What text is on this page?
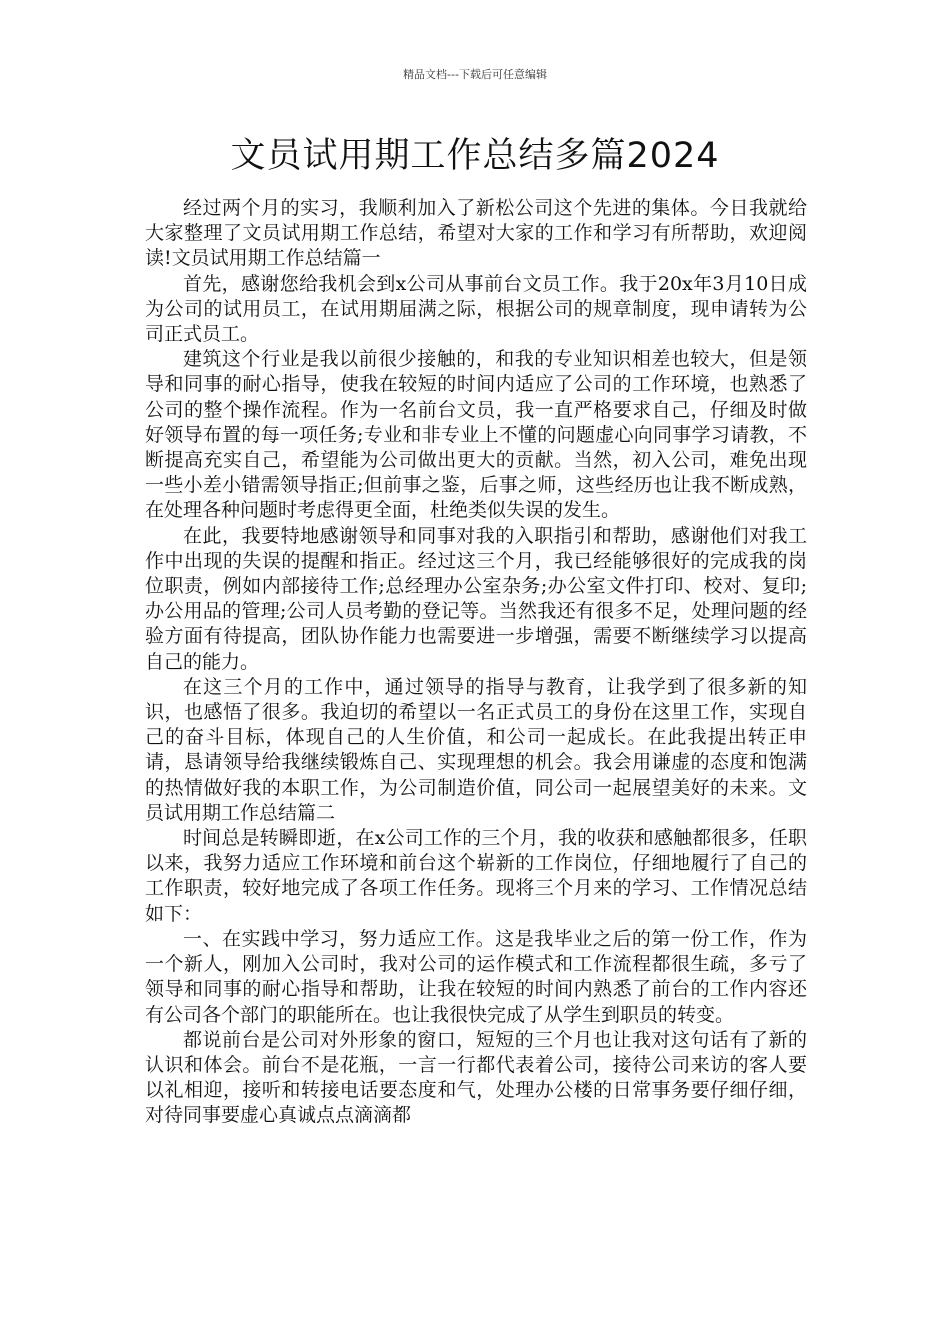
精品文档---下载后可任意编辑
文员试用期工作总结多篇2024

经过两个月的实习，我顺利加入了新松公司这个先进的集体。今日我就给大家整理了文员试用期工作总结，希望对大家的工作和学习有所帮助，欢迎阅读!文员试用期工作总结篇一

首先，感谢您给我机会到x公司从事前台文员工作。我于20x年3月10日成为公司的试用员工，在试用期届满之际，根据公司的规章制度，现申请转为公司正式员工。

建筑这个行业是我以前很少接触的，和我的专业知识相差也较大，但是领导和同事的耐心指导，使我在较短的时间内适应了公司的工作环境，也熟悉了公司的整个操作流程。作为一名前台文员，我一直严格要求自己，仔细及时做好领导布置的每一项任务;专业和非专业上不懂的问题虚心向同事学习请教，不断提高充实自己，希望能为公司做出更大的贡献。当然，初入公司，难免出现一些小差小错需领导指正;但前事之鉴，后事之师，这些经历也让我不断成熟，在处理各种问题时考虑得更全面，杜绝类似失误的发生。

在此，我要特地感谢领导和同事对我的入职指引和帮助，感谢他们对我工作中出现的失误的提醒和指正。经过这三个月，我已经能够很好的完成我的岗位职责，例如内部接待工作;总经理办公室杂务;办公室文件打印、校对、复印;办公用品的管理;公司人员考勤的登记等。当然我还有很多不足，处理问题的经验方面有待提高，团队协作能力也需要进一步增强，需要不断继续学习以提高自己的能力。

在这三个月的工作中，通过领导的指导与教育，让我学到了很多新的知识，也感悟了很多。我迫切的希望以一名正式员工的身份在这里工作，实现自己的奋斗目标，体现自己的人生价值，和公司一起成长。在此我提出转正申请，恳请领导给我继续锻炼自己、实现理想的机会。我会用谦虚的态度和饱满的热情做好我的本职工作，为公司制造价值，同公司一起展望美好的未来。文员试用期工作总结篇二

时间总是转瞬即逝，在x公司工作的三个月，我的收获和感触都很多，任职以来，我努力适应工作环境和前台这个崭新的工作岗位，仔细地履行了自己的工作职责，较好地完成了各项工作任务。现将三个月来的学习、工作情况总结如下：

一、在实践中学习，努力适应工作。这是我毕业之后的第一份工作，作为一个新人，刚加入公司时，我对公司的运作模式和工作流程都很生疏，多亏了领导和同事的耐心指导和帮助，让我在较短的时间内熟悉了前台的工作内容还有公司各个部门的职能所在。也让我很快完成了从学生到职员的转变。

都说前台是公司对外形象的窗口，短短的三个月也让我对这句话有了新的认识和体会。前台不是花瓶，一言一行都代表着公司，接待公司来访的客人要以礼相迎，接听和转接电话要态度和气，处理办公楼的日常事务要仔细仔细，对待同事要虚心真诚点点滴滴都
